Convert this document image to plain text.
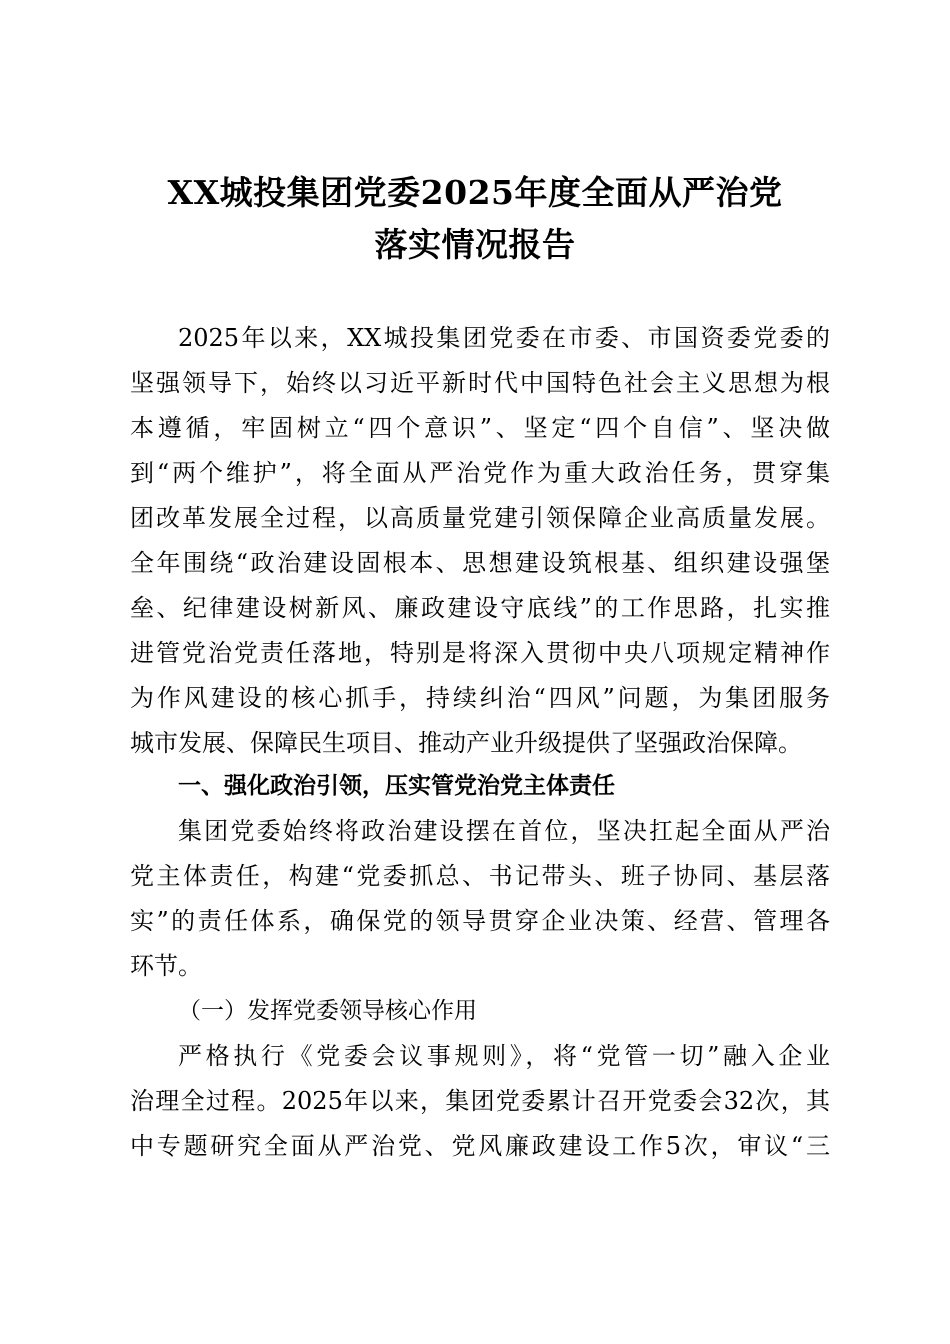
XX城投集团党委2025年度全面从严治党
落实情况报告
2025年以来，XX城投集团党委在市委、市国资委党委的
坚强领导下，始终以习近平新时代中国特色社会主义思想为根
本遵循，牢固树立“四个意识”、坚定“四个自信”、坚决做
到“两个维护”，将全面从严治党作为重大政治任务，贯穿集
团改革发展全过程，以高质量党建引领保障企业高质量发展。
全年围绕“政治建设固根本、思想建设筑根基、组织建设强堡
垒、纪律建设树新风、廉政建设守底线”的工作思路，扎实推
进管党治党责任落地，特别是将深入贯彻中央八项规定精神作
为作风建设的核心抓手，持续纠治“四风”问题，为集团服务
城市发展、保障民生项目、推动产业升级提供了坚强政治保障。
一、强化政治引领，压实管党治党主体责任
集团党委始终将政治建设摆在首位，坚决扛起全面从严治
党主体责任，构建“党委抓总、书记带头、班子协同、基层落
实”的责任体系，确保党的领导贯穿企业决策、经营、管理各
环节。
（一）发挥党委领导核心作用
严格执行《党委会议事规则》，将“党管一切”融入企业
治理全过程。2025年以来，集团党委累计召开党委会32次，其
中专题研究全面从严治党、党风廉政建设工作5次，审议“三
